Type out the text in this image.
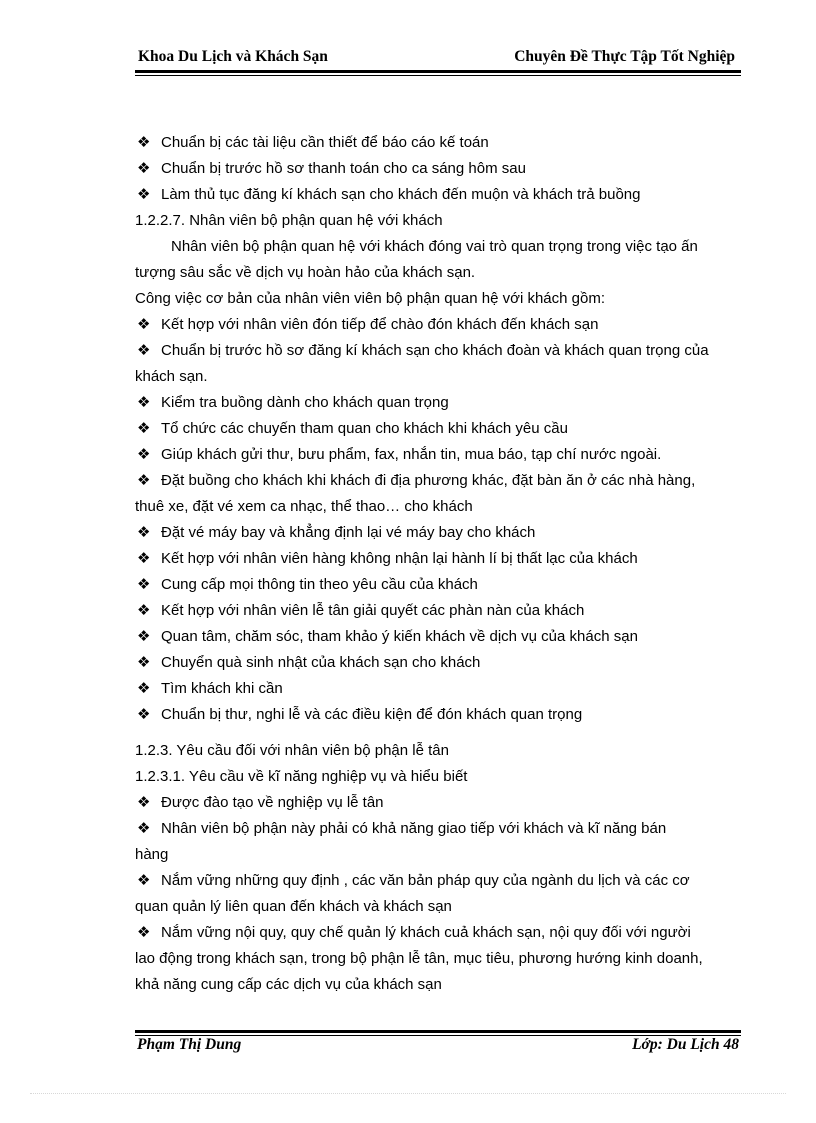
Khoa Du Lịch và Khách Sạn	Chuyên Đề Thực Tập Tốt Nghiệp
❖ Chuẩn bị các tài liệu cần thiết để báo cáo kế toán
❖ Chuẩn bị trước hồ sơ thanh toán cho ca sáng hôm sau
❖ Làm thủ tục đăng kí khách sạn cho khách đến muộn và khách trả buồng
1.2.2.7. Nhân viên bộ phận quan hệ với khách
Nhân viên bộ phận quan hệ với khách đóng vai trò quan trọng trong việc tạo ấn
tượng sâu sắc về dịch vụ hoàn hảo của khách sạn.
Công việc cơ bản của nhân viên viên bộ phận quan hệ với khách gồm:
❖ Kết hợp với nhân viên đón tiếp để chào đón khách đến khách sạn
❖ Chuẩn bị trước hồ sơ đăng kí khách sạn cho khách đoàn và khách quan trọng của
khách sạn.
❖ Kiểm tra buồng dành cho khách quan trọng
❖ Tổ chức các chuyến tham quan cho khách khi khách yêu cầu
❖ Giúp khách gửi thư, bưu phẩm, fax, nhắn tin, mua báo, tạp chí nước ngoài.
❖ Đặt buồng cho khách khi khách đi địa phương khác, đặt bàn ăn ở các nhà hàng,
thuê xe, đặt vé xem ca nhạc, thể thao… cho khách
❖ Đặt vé máy bay và khẳng định lại vé máy bay cho khách
❖ Kết hợp với nhân viên hàng không nhận lại hành lí bị thất lạc của khách
❖ Cung cấp mọi thông tin theo yêu cầu của khách
❖ Kết hợp với nhân viên lễ tân giải quyết các phàn nàn của khách
❖ Quan tâm, chăm sóc, tham khảo ý kiến khách về dịch vụ của khách sạn
❖ Chuyển quà sinh nhật của khách sạn cho khách
❖ Tìm khách khi cần
❖ Chuẩn bị thư, nghi lễ và các điều kiện để đón khách quan trọng
1.2.3. Yêu cầu đối với nhân viên bộ phận lễ tân
1.2.3.1. Yêu cầu về kĩ năng nghiệp vụ và hiểu biết
❖ Được đào tạo về nghiệp vụ lễ tân
❖ Nhân viên bộ phận này phải có khả năng giao tiếp với khách và kĩ năng bán
hàng
❖ Nắm vững những quy định , các văn bản pháp quy của ngành du lịch và các cơ
quan quản lý liên quan đến khách và khách sạn
❖ Nắm vững nội quy, quy chế quản lý khách cuả khách sạn, nội quy đối với người
lao động trong khách sạn, trong bộ phận lễ tân, mục tiêu, phương hướng kinh doanh,
khả năng cung cấp các dịch vụ của khách sạn
Phạm Thị Dung	Lớp: Du Lịch 48
